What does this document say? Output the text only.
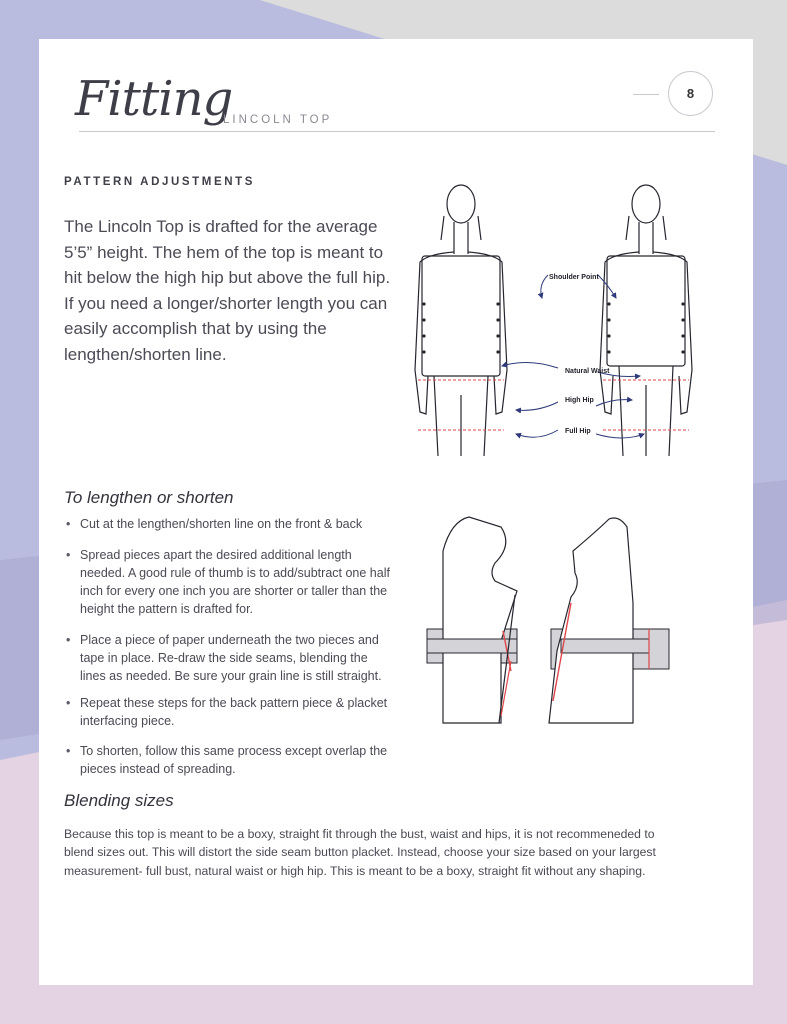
Fitting
LINCOLN TOP
8
PATTERN ADJUSTMENTS

The Lincoln Top is drafted for the average 5’5” height. The hem of the top is meant to hit below the high hip but above the full hip. If you need a longer/shorter length you can easily accomplish that by using the lengthen/shorten line.

Shoulder Point
Natural Waist
High Hip
Full Hip
To lengthen or shorten
• Cut at the lengthen/shorten line on the front & back
• Spread pieces apart the desired additional length needed. A good rule of thumb is to add/subtract one half inch for every one inch you are shorter or taller than the height the pattern is drafted for.
• Place a piece of paper underneath the two pieces and tape in place. Re-draw the side seams, blending the lines as needed. Be sure your grain line is still straight.
• Repeat these steps for the back pattern piece & placket interfacing piece.
• To shorten, follow this same process except overlap the pieces instead of spreading.
Blending sizes

Because this top is meant to be a boxy, straight fit through the bust, waist and hips, it is not recommeneded to blend sizes out. This will distort the side seam button placket. Instead, choose your size based on your largest measurement- full bust, natural waist or high hip. This is meant to be a boxy, straight fit without any shaping.
